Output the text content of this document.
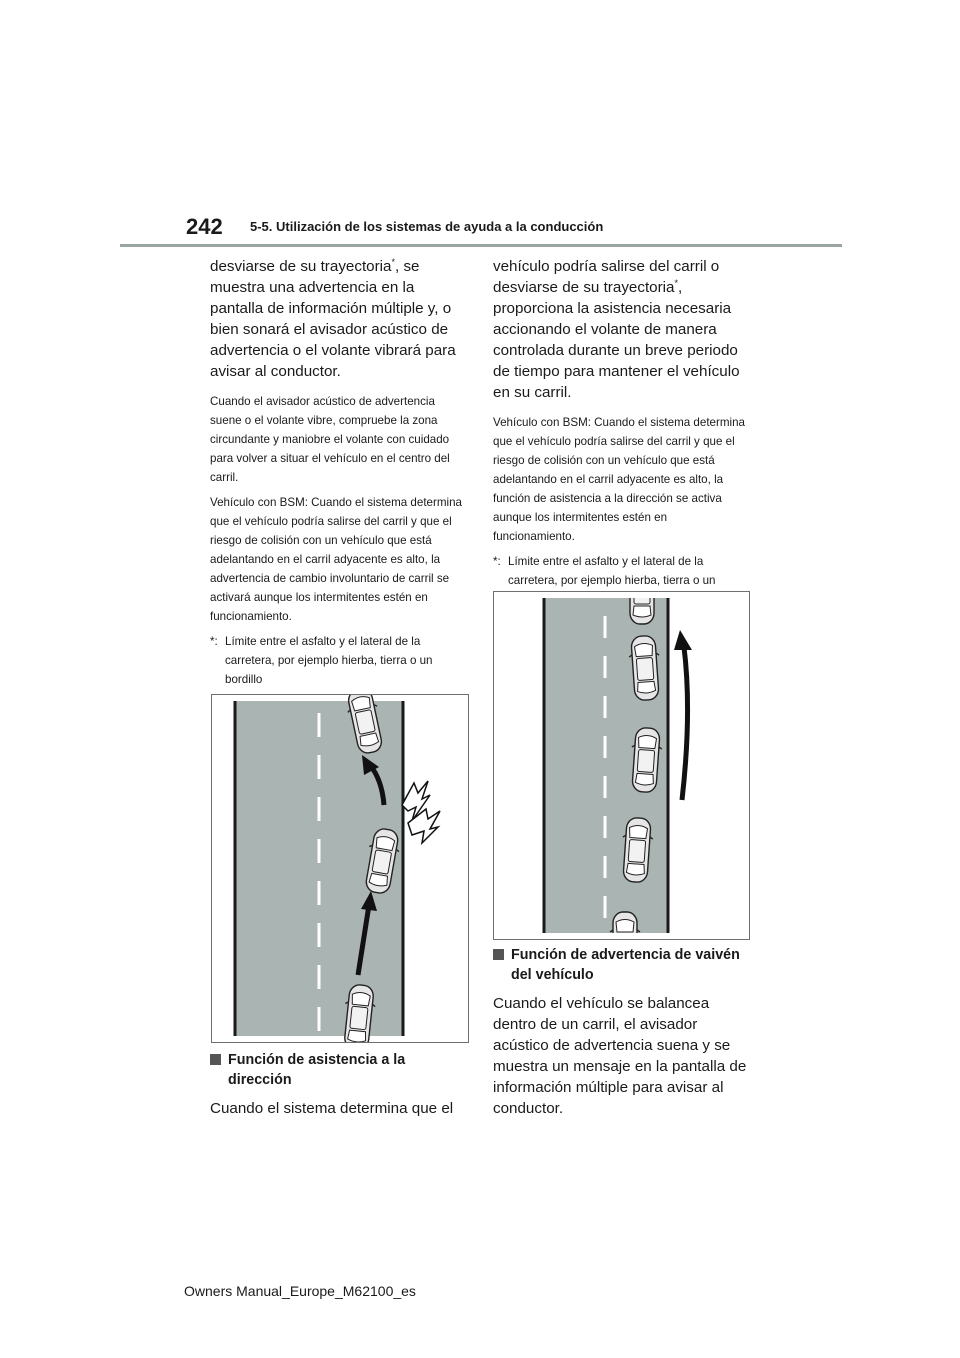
242 5-5. Utilización de los sistemas de ayuda a la conducción

desviarse de su trayectoria*, se muestra una advertencia en la pantalla de información múltiple y, o bien sonará el avisador acústico de advertencia o el volante vibrará para avisar al conductor.

Cuando el avisador acústico de advertencia suene o el volante vibre, compruebe la zona circundante y maniobre el volante con cuidado para volver a situar el vehículo en el centro del carril.

Vehículo con BSM: Cuando el sistema determina que el vehículo podría salirse del carril y que el riesgo de colisión con un vehículo que está adelantando en el carril adyacente es alto, la advertencia de cambio involuntario de carril se activará aunque los intermitentes estén en funcionamiento.

*: Límite entre el asfalto y el lateral de la carretera, por ejemplo hierba, tierra o un bordillo

Función de asistencia a la dirección

Cuando el sistema determina que el

vehículo podría salirse del carril o desviarse de su trayectoria*, proporciona la asistencia necesaria accionando el volante de manera controlada durante un breve periodo de tiempo para mantener el vehículo en su carril.

Vehículo con BSM: Cuando el sistema determina que el vehículo podría salirse del carril y que el riesgo de colisión con un vehículo que está adelantando en el carril adyacente es alto, la función de asistencia a la dirección se activa aunque los intermitentes estén en funcionamiento.

*: Límite entre el asfalto y el lateral de la carretera, por ejemplo hierba, tierra o un

Función de advertencia de vaivén del vehículo

Cuando el vehículo se balancea dentro de un carril, el avisador acústico de advertencia suena y se muestra un mensaje en la pantalla de información múltiple para avisar al conductor.

Owners Manual_Europe_M62100_es
